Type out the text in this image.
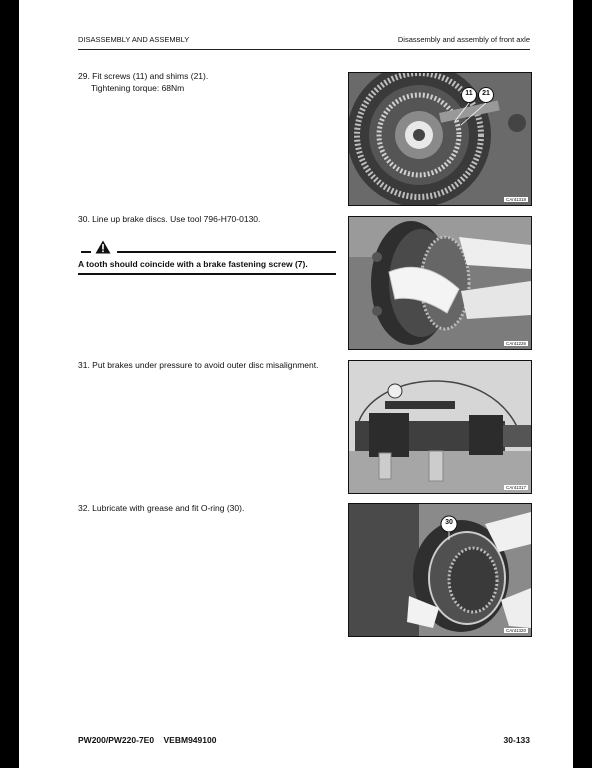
DISASSEMBLY AND ASSEMBLY	Disassembly and assembly of front axle
29. Fit screws (11) and shims (21).
Tightening torque: 68Nm
30. Line up brake discs. Use tool 796-H70-0130.
A tooth should coincide with a brake fastening screw (7).
31. Put brakes under pressure to avoid outer disc misalignment.
32. Lubricate with grease and fit O-ring (30).
11	21
CAnt1318
CAnt1226
CAnt1317
30
CAnt1320
PW200/PW220-7E0    VEBM949100	30-133
